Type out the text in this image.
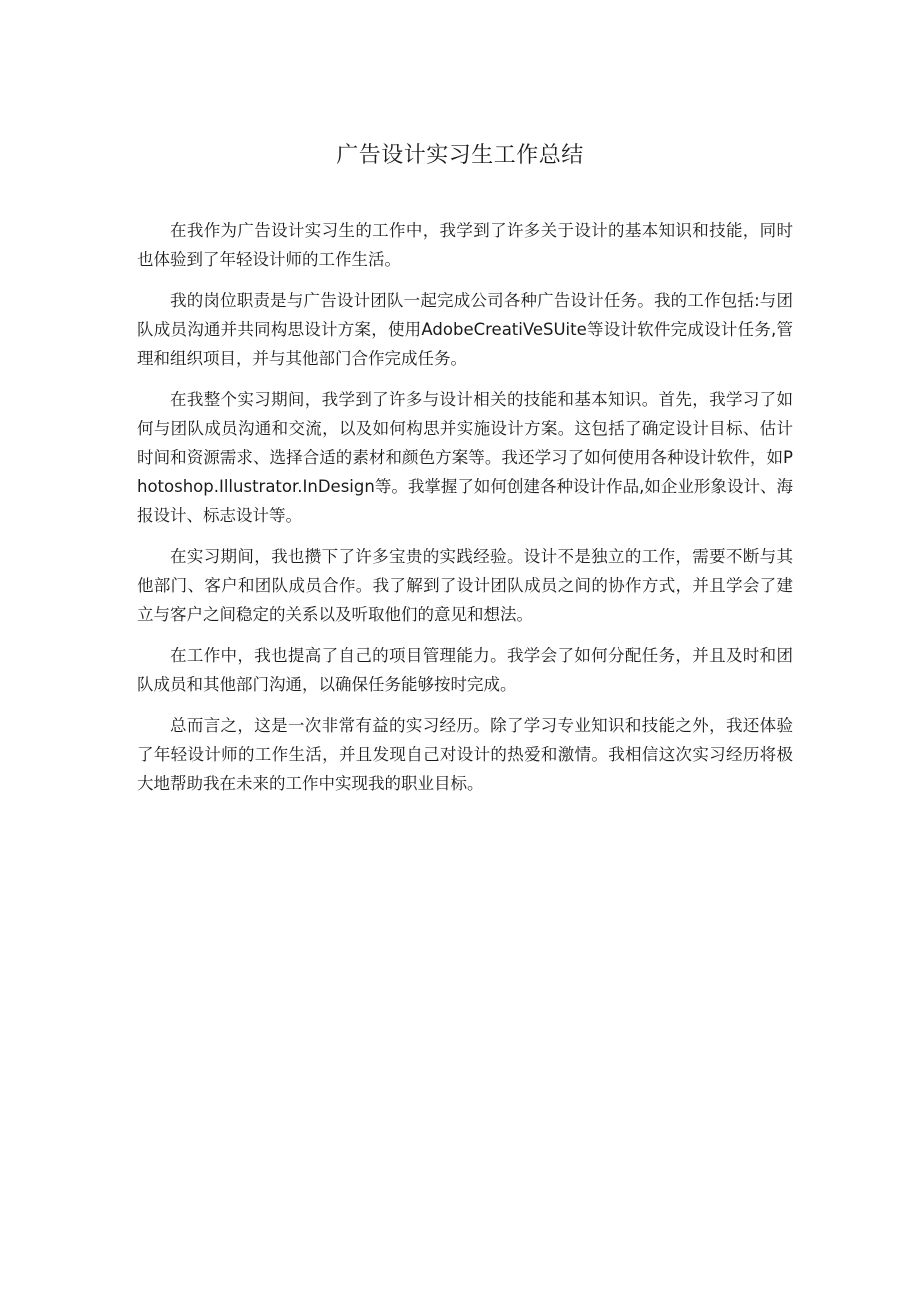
广告设计实习生工作总结

在我作为广告设计实习生的工作中，我学到了许多关于设计的基本知识和技能，同时也体验到了年轻设计师的工作生活。

我的岗位职责是与广告设计团队一起完成公司各种广告设计任务。我的工作包括:与团队成员沟通并共同构思设计方案，使用AdobeCreatiVeSUite等设计软件完成设计任务,管理和组织项目，并与其他部门合作完成任务。

在我整个实习期间，我学到了许多与设计相关的技能和基本知识。首先，我学习了如何与团队成员沟通和交流，以及如何构思并实施设计方案。这包括了确定设计目标、估计时间和资源需求、选择合适的素材和颜色方案等。我还学习了如何使用各种设计软件，如Photoshop.Illustrator.InDesign等。我掌握了如何创建各种设计作品,如企业形象设计、海报设计、标志设计等。

在实习期间，我也攒下了许多宝贵的实践经验。设计不是独立的工作，需要不断与其他部门、客户和团队成员合作。我了解到了设计团队成员之间的协作方式，并且学会了建立与客户之间稳定的关系以及听取他们的意见和想法。

在工作中，我也提高了自己的项目管理能力。我学会了如何分配任务，并且及时和团队成员和其他部门沟通，以确保任务能够按时完成。

总而言之，这是一次非常有益的实习经历。除了学习专业知识和技能之外，我还体验了年轻设计师的工作生活，并且发现自己对设计的热爱和激情。我相信这次实习经历将极大地帮助我在未来的工作中实现我的职业目标。
